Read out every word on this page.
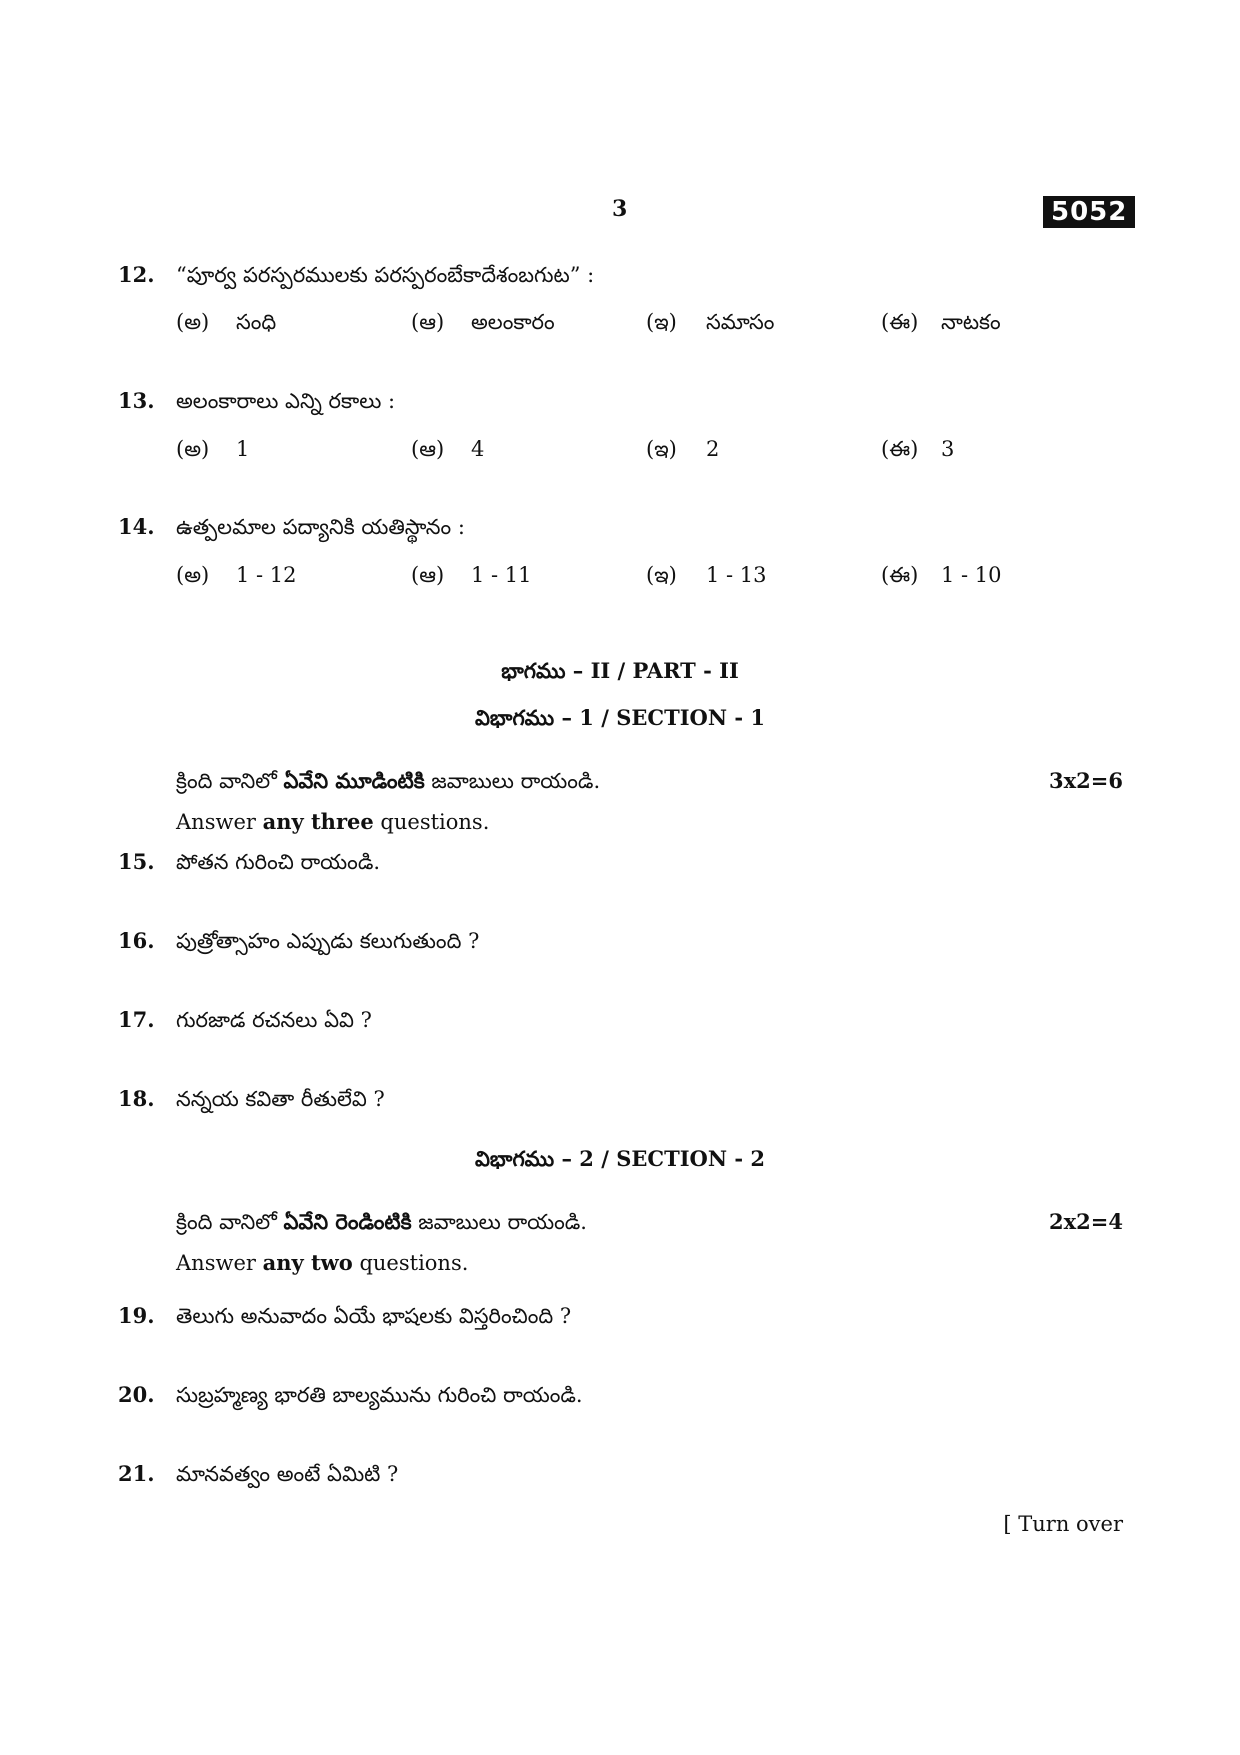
3	5052
12. “పూర్వ పరస్పరములకు పరస్పరంబేకాదేశంబగుట” :
(అ) సంధి	(ఆ) అలంకారం	(ఇ) సమాసం	(ఈ) నాటకం
13. అలంకారాలు ఎన్ని రకాలు :
(అ) 1	(ఆ) 4	(ఇ) 2	(ఈ) 3
14. ఉత్పలమాల పద్యానికి యతిస్థానం :
(అ) 1 - 12	(ఆ) 1 - 11	(ఇ) 1 - 13	(ఈ) 1 - 10
భాగము – II / PART - II
విభాగము – 1 / SECTION - 1
క్రింది వానిలో ఏవేని మూడింటికి జవాబులు రాయండి.	3x2=6
Answer any three questions.
15. పోతన గురించి రాయండి.
16. పుత్రోత్సాహం ఎప్పుడు కలుగుతుంది ?
17. గురజాడ రచనలు ఏవి ?
18. నన్నయ కవితా రీతులేవి ?
విభాగము – 2 / SECTION - 2
క్రింది వానిలో ఏవేని రెండింటికి జవాబులు రాయండి.	2x2=4
Answer any two questions.
19. తెలుగు అనువాదం ఏయే భాషలకు విస్తరించింది ?
20. సుబ్రహ్మణ్య భారతి బాల్యమును గురించి రాయండి.
21. మానవత్వం అంటే ఏమిటి ?
[ Turn over
